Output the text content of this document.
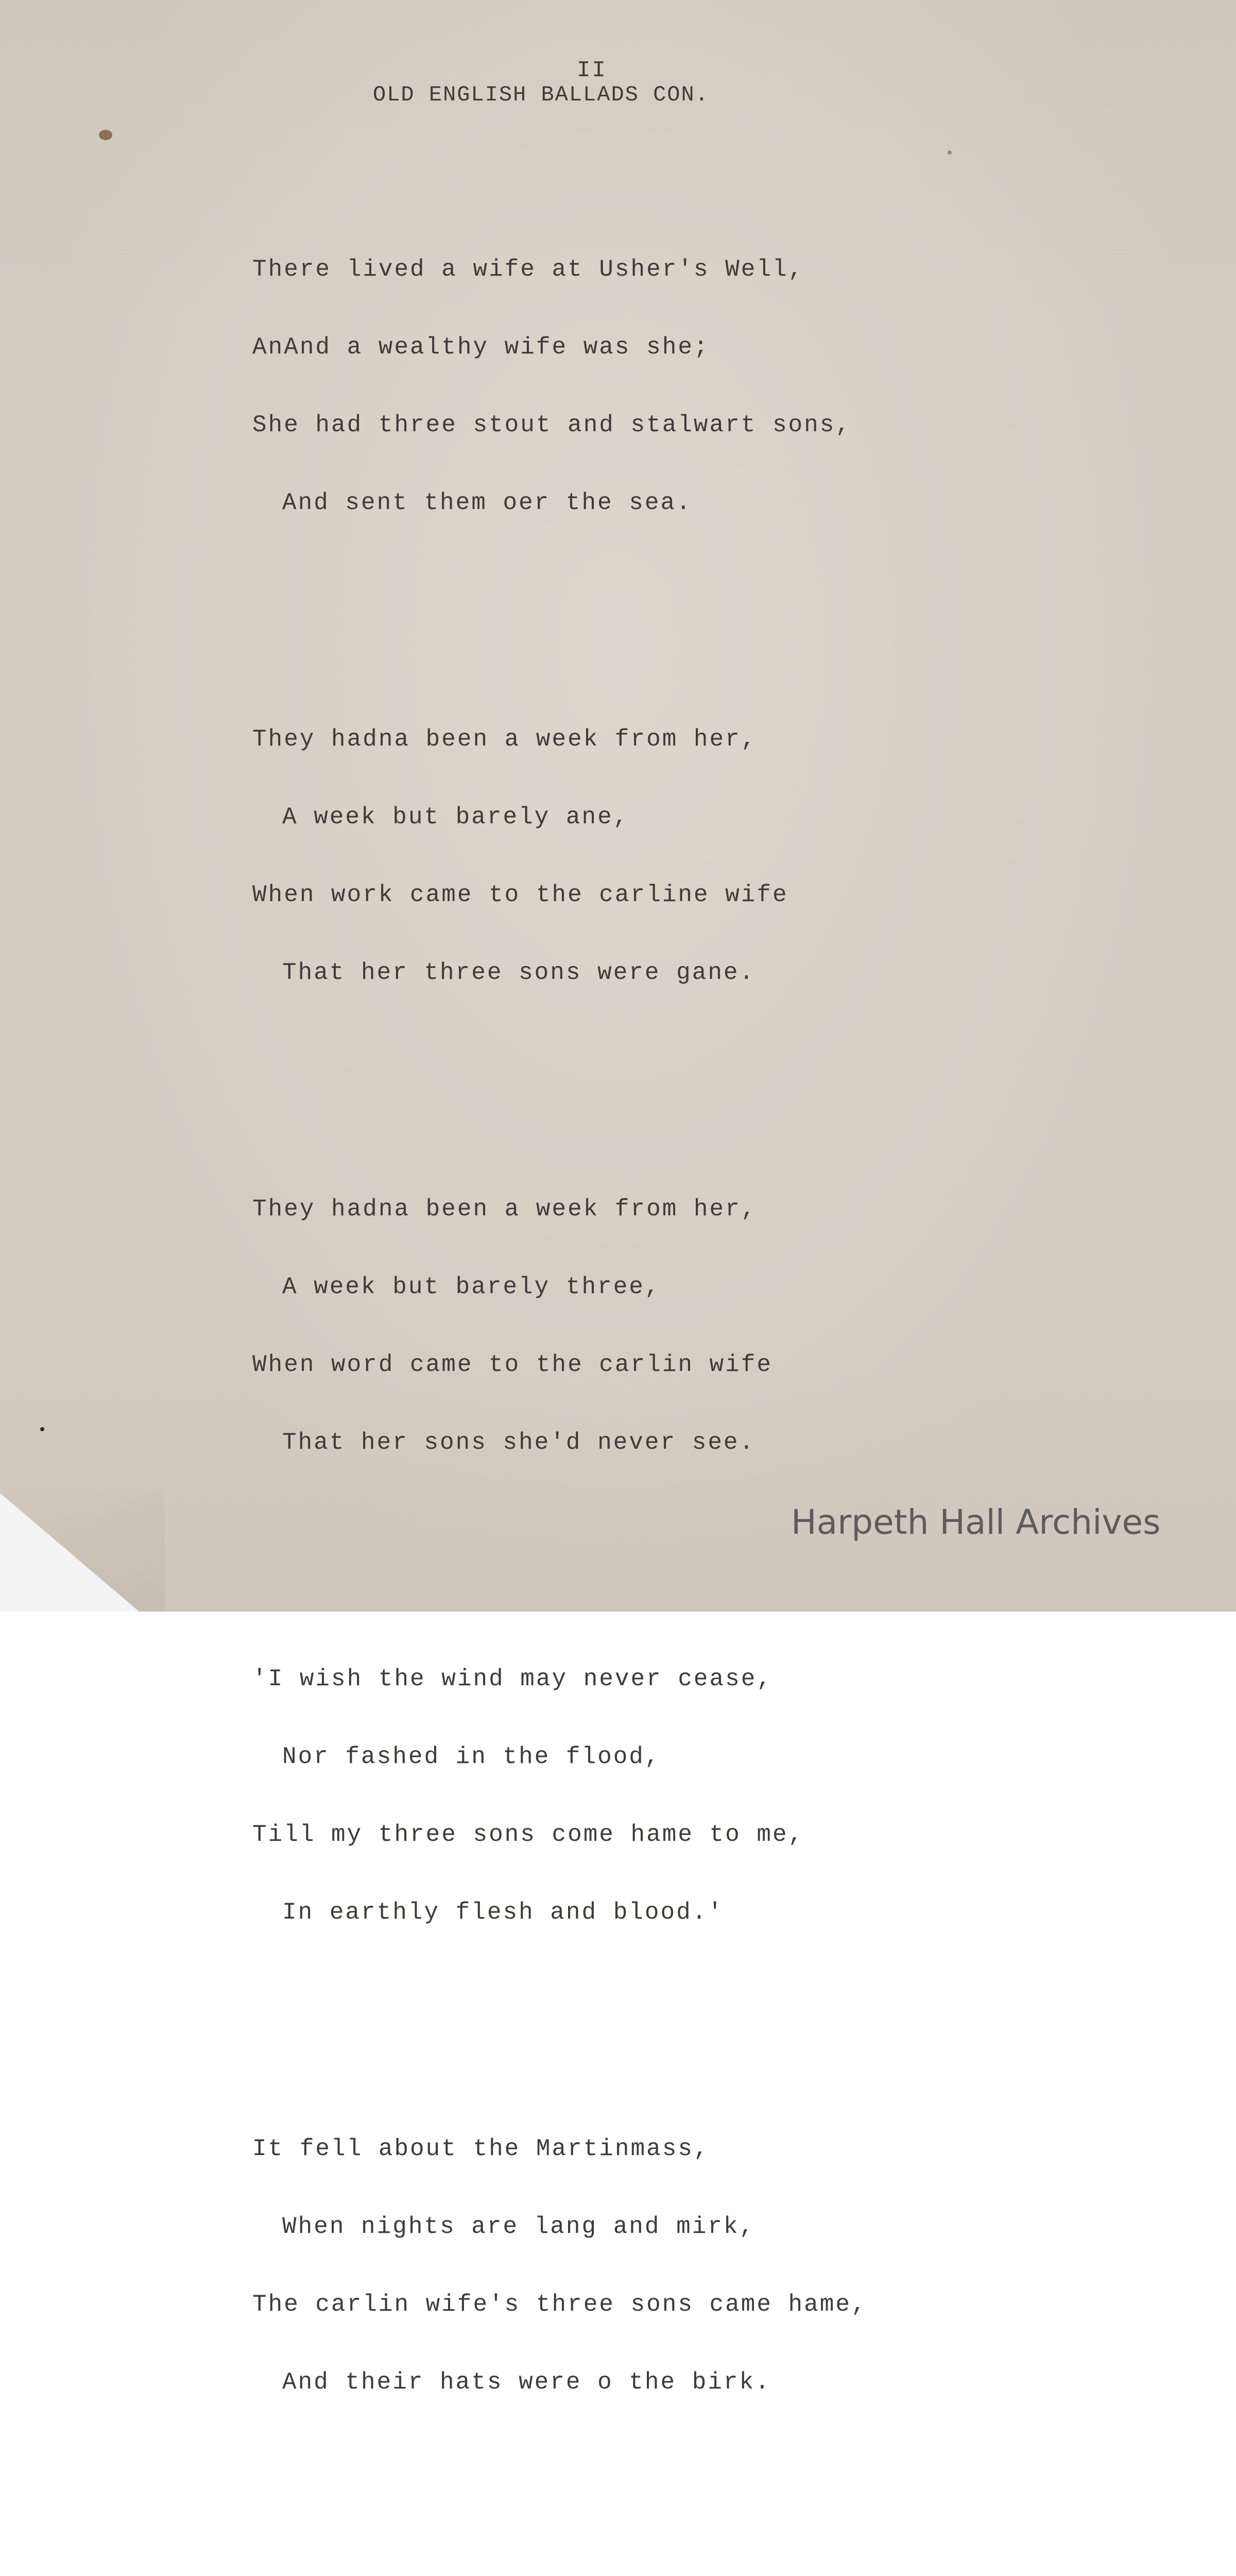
II
OLD ENGLISH BALLADS CON.

There lived a wife at Usher's Well,

AnAnd a wealthy wife was she;

She had three stout and stalwart sons,

And sent them oer the sea.

They hadna been a week from her,

A week but barely ane,

When work came to the carline wife

That her three sons were gane.

They hadna been a week from her,

A week but barely three,

When word came to the carlin wife

That her sons she'd never see.

'I wish the wind may never cease,

Nor fashed in the flood,

Till my three sons come hame to me,

In earthly flesh and blood.'

It fell about the Martinmass,

When nights are lang and mirk,

The carlin wife's three sons came hame,

And their hats were o the birk.

Harpeth Hall Archives
